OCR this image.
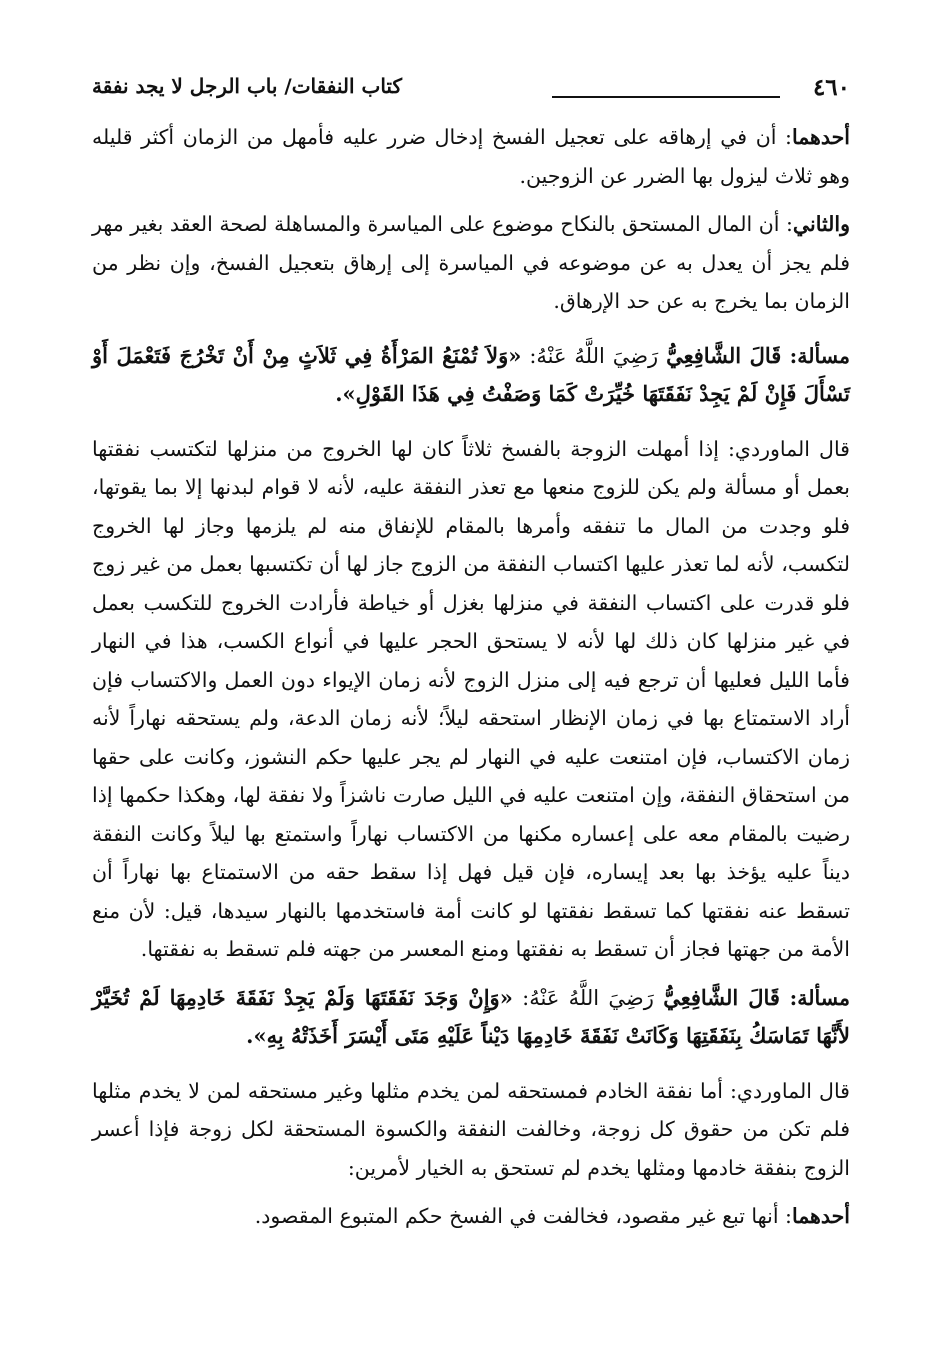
٤٦٠
كتاب النفقات/ باب الرجل لا يجد نفقة

أحدهما: أن في إرهاقه على تعجيل الفسخ إدخال ضرر عليه فأمهل من الزمان أكثر قليله وهو ثلاث ليزول بها الضرر عن الزوجين.

والثاني: أن المال المستحق بالنكاح موضوع على المياسرة والمساهلة لصحة العقد بغير مهر فلم يجز أن يعدل به عن موضوعه في المياسرة إلى إرهاق بتعجيل الفسخ، وإن نظر من الزمان بما يخرج به عن حد الإرهاق.

مسألة: قَالَ الشَّافِعِيُّ رَضِيَ اللَّهُ عَنْهُ: «وَلاَ تُمْنَعُ المَرْأَةُ فِي ثَلاَثٍ مِنْ أَنْ تَخْرُجَ فَتَعْمَلَ أَوْ تَسْأَلَ فَإِنْ لَمْ يَجِدْ نَفَقَتَهَا خُيِّرَتْ كَمَا وَصَفْتُ فِي هَذَا القَوْلِ».

قال الماوردي: إذا أمهلت الزوجة بالفسخ ثلاثاً كان لها الخروج من منزلها لتكتسب نفقتها بعمل أو مسألة ولم يكن للزوج منعها مع تعذر النفقة عليه، لأنه لا قوام لبدنها إلا بما يقوتها، فلو وجدت من المال ما تنفقه وأمرها بالمقام للإنفاق منه لم يلزمها وجاز لها الخروج لتكسب، لأنه لما تعذر عليها اكتساب النفقة من الزوج جاز لها أن تكتسبها بعمل من غير زوج فلو قدرت على اكتساب النفقة في منزلها بغزل أو خياطة فأرادت الخروج للتكسب بعمل في غير منزلها كان ذلك لها لأنه لا يستحق الحجر عليها في أنواع الكسب، هذا في النهار فأما الليل فعليها أن ترجع فيه إلى منزل الزوج لأنه زمان الإيواء دون العمل والاكتساب فإن أراد الاستمتاع بها في زمان الإنظار استحقه ليلاً؛ لأنه زمان الدعة، ولم يستحقه نهاراً لأنه زمان الاكتساب، فإن امتنعت عليه في النهار لم يجر عليها حكم النشوز، وكانت على حقها من استحقاق النفقة، وإن امتنعت عليه في الليل صارت ناشزاً ولا نفقة لها، وهكذا حكمها إذا رضيت بالمقام معه على إعساره مكنها من الاكتساب نهاراً واستمتع بها ليلاً وكانت النفقة ديناً عليه يؤخذ بها بعد إيساره، فإن قيل فهل إذا سقط حقه من الاستمتاع بها نهاراً أن تسقط عنه نفقتها كما تسقط نفقتها لو كانت أمة فاستخدمها بالنهار سيدها، قيل: لأن منع الأمة من جهتها فجاز أن تسقط به نفقتها ومنع المعسر من جهته فلم تسقط به نفقتها.

مسألة: قَالَ الشَّافِعِيُّ رَضِيَ اللَّهُ عَنْهُ: «وَإِنْ وَجَدَ نَفَقَتَهَا وَلَمْ يَجِدْ نَفَقَةَ خَادِمِهَا لَمْ تُخَيَّرْ لأَنَّهَا تَمَاسَكُ بِنَفَقَتِهَا وَكَانَتْ نَفَقَةَ خَادِمِهَا دَيْناً عَلَيْهِ مَتَى أَيْسَرَ أَخَذَتْهُ بِهِ».

قال الماوردي: أما نفقة الخادم فمستحقه لمن يخدم مثلها وغير مستحقه لمن لا يخدم مثلها فلم تكن من حقوق كل زوجة، وخالفت النفقة والكسوة المستحقة لكل زوجة فإذا أعسر الزوج بنفقة خادمها ومثلها يخدم لم تستحق به الخيار لأمرين:

أحدهما: أنها تبع غير مقصود، فخالفت في الفسخ حكم المتبوع المقصود.
